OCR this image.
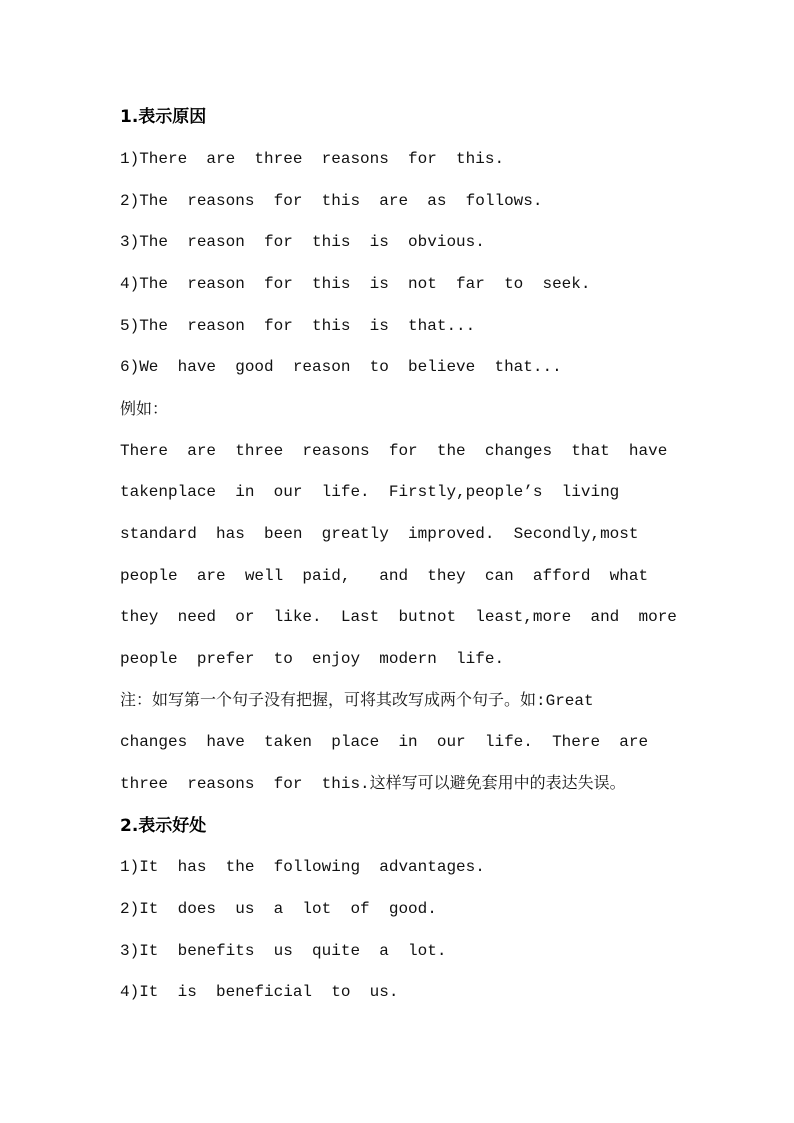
1.表示原因
1)There  are  three  reasons  for  this.
2)The  reasons  for  this  are  as  follows.
3)The  reason  for  this  is  obvious.
4)The  reason  for  this  is  not  far  to  seek.
5)The  reason  for  this  is  that...
6)We  have  good  reason  to  believe  that...
例如：
There  are  three  reasons  for  the  changes  that  have
takenplace  in  our  life.  Firstly,people’s  living
standard  has  been  greatly  improved.  Secondly,most
people  are  well  paid,   and  they  can  afford  what
they  need  or  like.  Last  butnot  least,more  and  more
people  prefer  to  enjoy  modern  life.
注：如写第一个句子没有把握，可将其改写成两个句子。如:Great
changes  have  taken  place  in  our  life.  There  are
three  reasons  for  this.这样写可以避免套用中的表达失误。
2.表示好处
1)It  has  the  following  advantages.
2)It  does  us  a  lot  of  good.
3)It  benefits  us  quite  a  lot.
4)It  is  beneficial  to  us.
